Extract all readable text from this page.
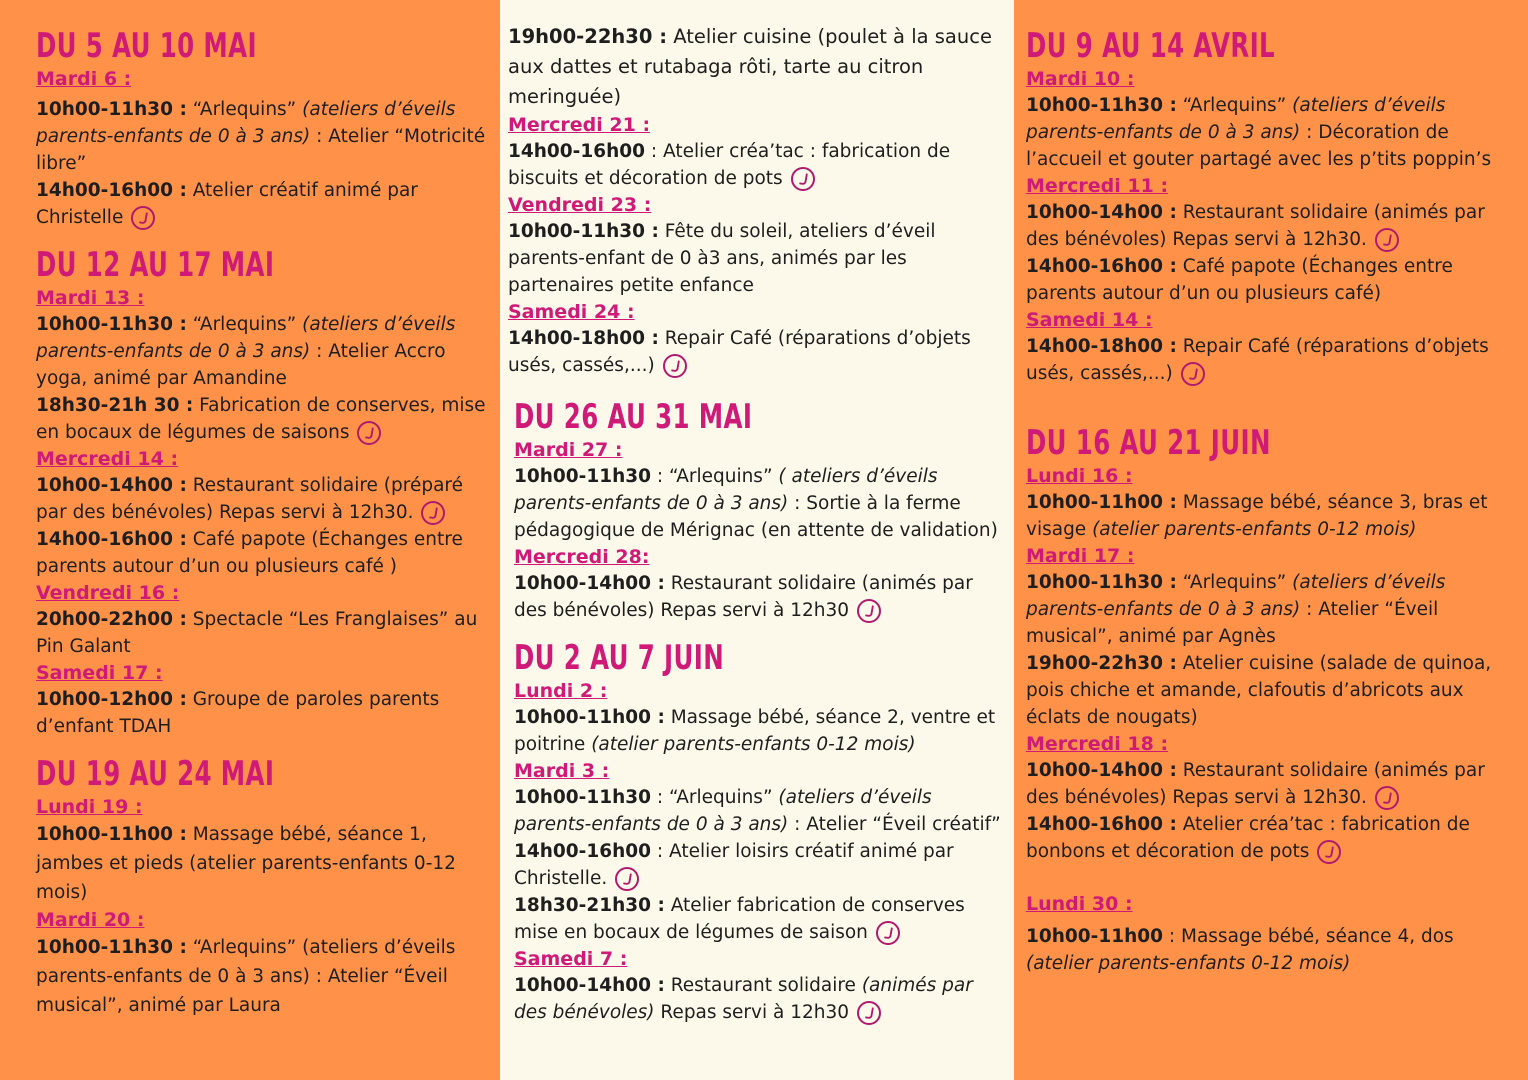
DU 5 AU 10 MAI

Mardi 6 :

10h00-11h30 : “Arlequins” (ateliers d’éveils parents-enfants de 0 à 3 ans) : Atelier “Motricité libre”

14h00-16h00 : Atelier créatif animé par Christelle

DU 12 AU 17 MAI

Mardi 13 :

10h00-11h30 : “Arlequins” (ateliers d’éveils parents-enfants de 0 à 3 ans) : Atelier Accro yoga, animé par Amandine

18h30-21h 30 : Fabrication de conserves, mise en bocaux de légumes de saisons

Mercredi 14 :

10h00-14h00 : Restaurant solidaire (préparé par des bénévoles) Repas servi à 12h30.

14h00-16h00 : Café papote (Échanges entre parents autour d’un ou plusieurs café )

Vendredi 16 :

20h00-22h00 : Spectacle “Les Franglaises” au Pin Galant

Samedi 17 :

10h00-12h00 : Groupe de paroles parents d’enfant TDAH

DU 19 AU 24 MAI

Lundi 19 :

10h00-11h00 : Massage bébé, séance 1, jambes et pieds (atelier parents-enfants 0-12 mois)

Mardi 20 :

10h00-11h30 : “Arlequins” (ateliers d’éveils parents-enfants de 0 à 3 ans) : Atelier “Éveil musical”, animé par Laura

19h00-22h30 : Atelier cuisine (poulet à la sauce aux dattes et rutabaga rôti, tarte au citron meringuée)

Mercredi 21 :

14h00-16h00 : Atelier créa’tac : fabrication de biscuits et décoration de pots

Vendredi 23 :

10h00-11h30 : Fête du soleil, ateliers d’éveil parents-enfant de 0 à3 ans, animés par les partenaires petite enfance

Samedi 24 :

14h00-18h00 : Repair Café (réparations d’objets usés, cassés,...)

DU 26 AU 31 MAI

Mardi 27 :

10h00-11h30 : “Arlequins” ( ateliers d’éveils parents-enfants de 0 à 3 ans) : Sortie à la ferme pédagogique de Mérignac (en attente de validation)

Mercredi 28:

10h00-14h00 : Restaurant solidaire (animés par des bénévoles) Repas servi à 12h30

DU 2 AU 7 JUIN

Lundi 2 :

10h00-11h00 : Massage bébé, séance 2, ventre et poitrine (atelier parents-enfants 0-12 mois)

Mardi 3 :

10h00-11h30 : “Arlequins” (ateliers d’éveils parents-enfants de 0 à 3 ans) : Atelier “Éveil créatif”

14h00-16h00 : Atelier loisirs créatif animé par Christelle.

18h30-21h30 : Atelier fabrication de conserves mise en bocaux de légumes de saison

Samedi 7 :

10h00-14h00 : Restaurant solidaire (animés par des bénévoles) Repas servi à 12h30

DU 9 AU 14 AVRIL

Mardi 10 :

10h00-11h30 : “Arlequins” (ateliers d’éveils parents-enfants de 0 à 3 ans) : Décoration de l’accueil et gouter partagé avec les p’tits poppin’s

Mercredi 11 :

10h00-14h00 : Restaurant solidaire (animés par des bénévoles) Repas servi à 12h30.

14h00-16h00 : Café papote (Échanges entre parents autour d’un ou plusieurs café)

Samedi 14 :

14h00-18h00 : Repair Café (réparations d’objets usés, cassés,...)

DU 16 AU 21 JUIN

Lundi 16 :

10h00-11h00 : Massage bébé, séance 3, bras et visage (atelier parents-enfants 0-12 mois)

Mardi 17 :

10h00-11h30 : “Arlequins” (ateliers d’éveils parents-enfants de 0 à 3 ans) : Atelier “Éveil musical”, animé par Agnès

19h00-22h30 : Atelier cuisine (salade de quinoa, pois chiche et amande, clafoutis d’abricots aux éclats de nougats)

Mercredi 18 :

10h00-14h00 : Restaurant solidaire (animés par des bénévoles) Repas servi à 12h30.

14h00-16h00 : Atelier créa’tac : fabrication de bonbons et décoration de pots

Lundi 30 :

10h00-11h00 : Massage bébé, séance 4, dos (atelier parents-enfants 0-12 mois)
